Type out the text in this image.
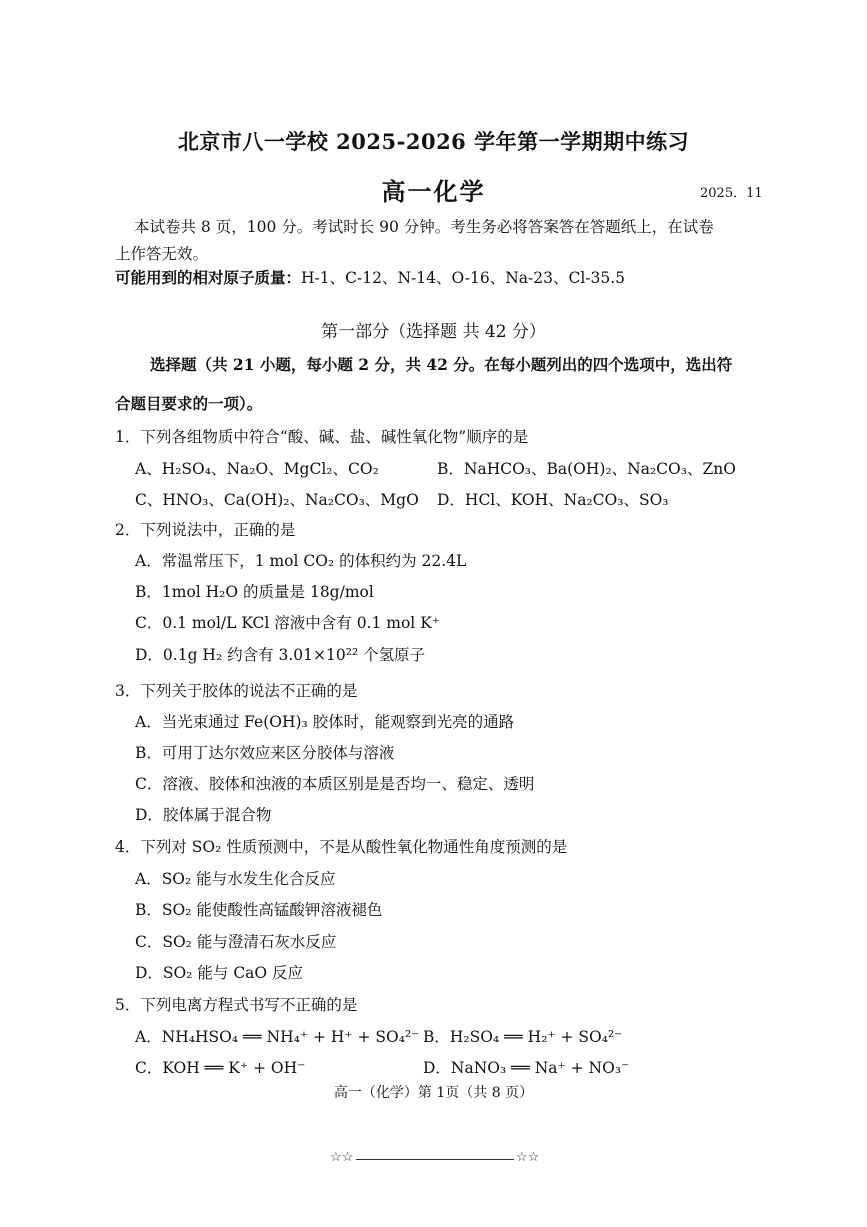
北京市八一学校 2025-2026 学年第一学期期中练习
高一化学	2025．11
本试卷共 8 页，100 分。考试时长 90 分钟。考生务必将答案答在答题纸上，在试卷
上作答无效。
可能用到的相对原子质量：H-1、C-12、N-14、O-16、Na-23、Cl-35.5
第一部分（选择题 共 42 分）
选择题（共 21 小题，每小题 2 分，共 42 分。在每小题列出的四个选项中，选出符
合题目要求的一项）。
1．下列各组物质中符合“酸、碱、盐、碱性氧化物”顺序的是
A、H₂SO₄、Na₂O、MgCl₂、CO₂	B．NaHCO₃、Ba(OH)₂、Na₂CO₃、ZnO
C、HNO₃、Ca(OH)₂、Na₂CO₃、MgO D．HCl、KOH、Na₂CO₃、SO₃
2．下列说法中，正确的是
A．常温常压下，1 mol CO₂ 的体积约为 22.4L
B．1mol H₂O 的质量是 18g/mol
C．0.1 mol/L KCl 溶液中含有 0.1 mol K⁺
D．0.1g H₂ 约含有 3.01×10²² 个氢原子
3．下列关于胶体的说法不正确的是
A．当光束通过 Fe(OH)₃ 胶体时，能观察到光亮的通路
B．可用丁达尔效应来区分胶体与溶液
C．溶液、胶体和浊液的本质区别是是否均一、稳定、透明
D．胶体属于混合物
4．下列对 SO₂ 性质预测中，不是从酸性氧化物通性角度预测的是
A．SO₂ 能与水发生化合反应
B．SO₂ 能使酸性高锰酸钾溶液褪色
C．SO₂ 能与澄清石灰水反应
D．SO₂ 能与 CaO 反应
5．下列电离方程式书写不正确的是
A．NH₄HSO₄ ══ NH₄⁺ + H⁺ + SO₄²⁻ B．H₂SO₄ ══ H₂⁺ + SO₄²⁻
C．KOH ══ K⁺ + OH⁻	D．NaNO₃ ══ Na⁺ + NO₃⁻
高一（化学）第 1页（共 8 页）
☆☆	☆☆
